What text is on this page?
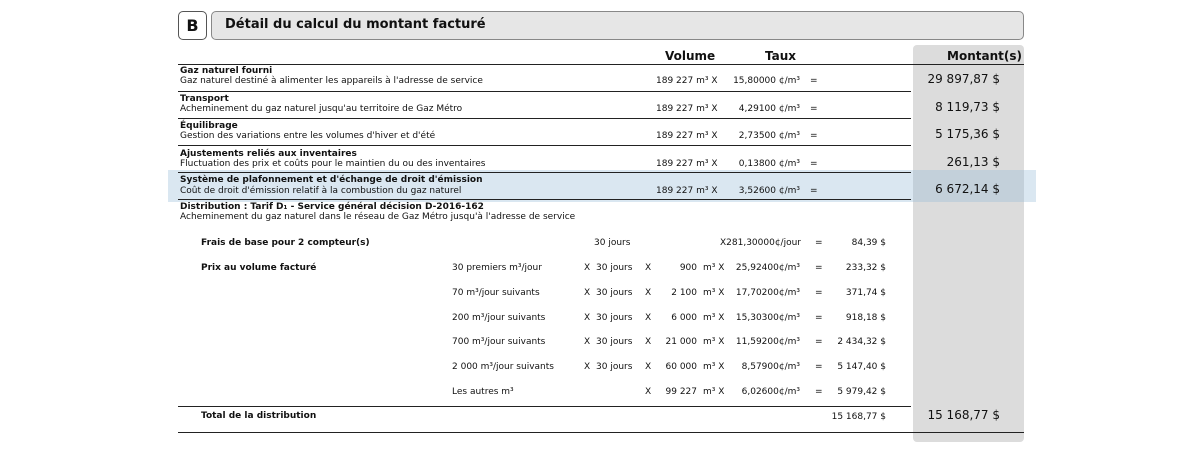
B	Détail du calcul du montant facturé
Volume	Taux	Montant(s)
Gaz naturel fourni
Gaz naturel destiné à alimenter les appareils à l'adresse de service	189 227 m³ X	15,80000 ¢/m³ =	29 897,87 $
Transport
Acheminement du gaz naturel jusqu'au territoire de Gaz Métro	189 227 m³ X	4,29100 ¢/m³ =	8 119,73 $
Équilibrage
Gestion des variations entre les volumes d'hiver et d'été	189 227 m³ X	2,73500 ¢/m³ =	5 175,36 $
Ajustements reliés aux inventaires
Fluctuation des prix et coûts pour le maintien du ou des inventaires	189 227 m³ X	0,13800 ¢/m³ =	261,13 $
Système de plafonnement et d'échange de droit d'émission
Coût de droit d'émission relatif à la combustion du gaz naturel	189 227 m³ X	3,52600 ¢/m³ =	6 672,14 $
Distribution : Tarif D₁ - Service général décision D-2016-162
Acheminement du gaz naturel dans le réseau de Gaz Métro jusqu'à l'adresse de service
Frais de base pour 2 compteur(s)	30 jours	X281,30000¢/jour =	84,39 $
Prix au volume facturé	30 premiers m³/jour	X 30 jours X	900 m³ X	25,92400¢/m³ =	233,32 $
70 m³/jour suivants	X 30 jours X	2 100 m³ X	17,70200¢/m³ =	371,74 $
200 m³/jour suivants	X 30 jours X	6 000 m³ X	15,30300¢/m³ =	918,18 $
700 m³/jour suivants	X 30 jours X	21 000 m³ X	11,59200¢/m³ =	2 434,32 $
2 000 m³/jour suivants	X 30 jours X	60 000 m³ X	8,57900¢/m³ =	5 147,40 $
Les autres m³	X	99 227 m³ X	6,02600¢/m³ =	5 979,42 $
Total de la distribution	15 168,77 $	15 168,77 $
